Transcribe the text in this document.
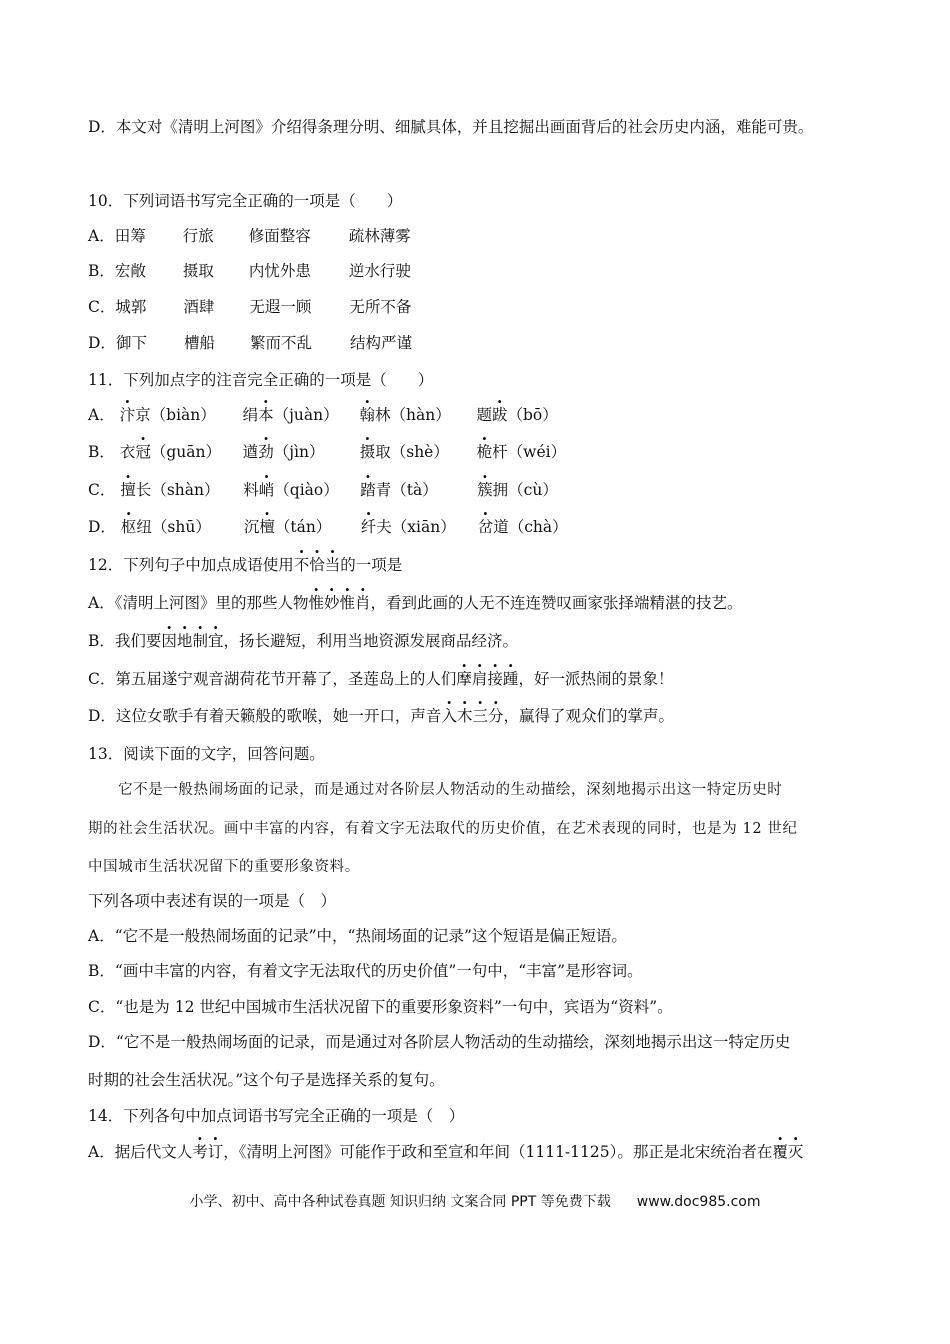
D．本文对《清明上河图》介绍得条理分明、细腻具体，并且挖掘出画面背后的社会历史内涵，难能可贵。
10．下列词语书写完全正确的一项是（　　）
A．田筹 行旅 修面整容 疏林薄雾
B．宏敞 摄取 内忧外患 逆水行驶
C．城郭 酒肆 无遐一顾 无所不备
D．御下 槽船 繁而不乱 结构严谨
11．下列加点字的注音完全正确的一项是（　　）
A． 汴京（biàn） 绢本（juàn） 翰林（hàn） 题跋（bō）
B． 衣冠（guān） 遒劲（jìn） 摄取（shè） 桅杆（wéi）
C． 擅长（shàn） 料峭（qiào） 踏青（tà）	簇拥（cù）
D． 枢纽（shū） 沉檀（tán） 纤夫（xiān） 岔道（chà）
12．下列句子中加点成语使用不恰当的一项是
A．《清明上河图》里的那些人物惟妙惟肖，看到此画的人无不连连赞叹画家张择端精湛的技艺。
B．我们要因地制宜，扬长避短，利用当地资源发展商品经济。
C．第五届遂宁观音湖荷花节开幕了，圣莲岛上的人们摩肩接踵，好一派热闹的景象！
D．这位女歌手有着天籁般的歌喉，她一开口，声音入木三分，赢得了观众们的掌声。
13．阅读下面的文字，回答问题。
它不是一般热闹场面的记录，而是通过对各阶层人物活动的生动描绘，深刻地揭示出这一特定历史时
期的社会生活状况。画中丰富的内容，有着文字无法取代的历史价值，在艺术表现的同时，也是为 12 世纪
中国城市生活状况留下的重要形象资料。
下列各项中表述有误的一项是（　）
A．“它不是一般热闹场面的记录”中，“热闹场面的记录”这个短语是偏正短语。
B．“画中丰富的内容，有着文字无法取代的历史价值”一句中，“丰富”是形容词。
C．“也是为 12 世纪中国城市生活状况留下的重要形象资料”一句中，宾语为“资料”。
D．“它不是一般热闹场面的记录，而是通过对各阶层人物活动的生动描绘，深刻地揭示出这一特定历史
时期的社会生活状况。”这个句子是选择关系的复句。
14．下列各句中加点词语书写完全正确的一项是（　）
A．据后代文人考订，《清明上河图》可能作于政和至宣和年间（1111-1125）。那正是北宋统治者在覆灭
小学、初中、高中各种试卷真题 知识归纳 文案合同 PPT 等免费下载 www.doc985.com
